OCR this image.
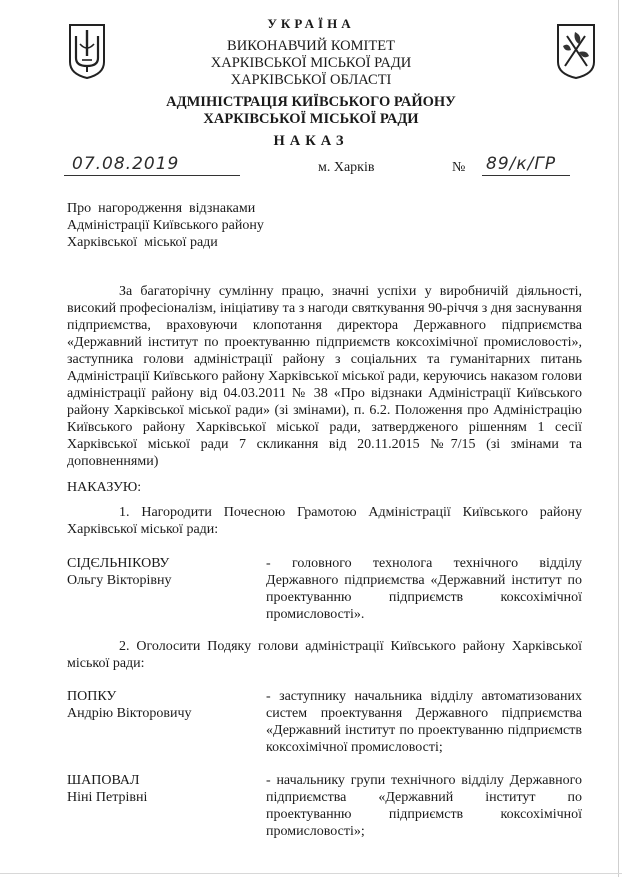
УКРАЇНА
ВИКОНАВЧИЙ КОМІТЕТ
ХАРКІВСЬКОЇ МІСЬКОЇ РАДИ
ХАРКІВСЬКОЇ ОБЛАСТІ
АДМІНІСТРАЦІЯ КИЇВСЬКОГО РАЙОНУ
ХАРКІВСЬКОЇ МІСЬКОЇ РАДИ
НАКАЗ
07.08.2019	м. Харків	№ 89/к/ГР
Про  нагородження  відзнаками
Адміністрації Київського району
Харківської  міської ради
За багаторічну сумлінну працю, значні успіхи у виробничій діяльності, високий професіоналізм, ініціативу та з нагоди святкування 90-річчя з дня заснування підприємства, враховуючи клопотання директора Державного підприємства «Державний інститут по проектуванню підприємств коксохімічної промисловості», заступника голови адміністрації району з соціальних та гуманітарних питань Адміністрації Київського району Харківської міської ради, керуючись наказом голови адміністрації району від 04.03.2011 № 38 «Про відзнаки Адміністрації Київського району Харківської міської ради» (зі змінами), п. 6.2. Положення про Адміністрацію Київського району Харківської міської ради, затвердженого рішенням 1 сесії Харківської міської ради 7 скликання від 20.11.2015 №7/15 (зі змінами та доповненнями)
НАКАЗУЮ:
1. Нагородити Почесною Грамотою Адміністрації Київського району Харківської міської ради:
СІДЄЛЬНІКОВУ
Ольгу Вікторівну
- головного технолога технічного відділу Державного підприємства «Державний інститут по проектуванню підприємств коксохімічної промисловості».
2. Оголосити Подяку голови адміністрації Київського району Харківської міської ради:
ПОПКУ
Андрію Вікторовичу
- заступнику начальника відділу автоматизованих систем проектування Державного підприємства «Державний інститут по проектуванню підприємств коксохімічної промисловості;
ШАПОВАЛ
Ніні Петрівні
- начальнику групи технічного відділу Державного підприємства «Державний інститут по проектуванню підприємств коксохімічної промисловості»;
